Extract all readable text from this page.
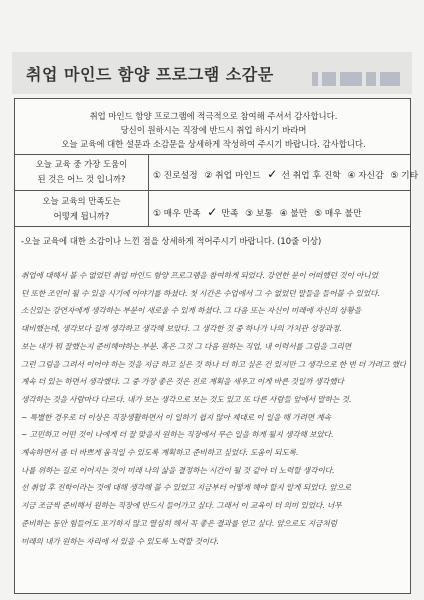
취업 마인드 함양 프로그램 소감문
취업 마인드 함양 프로그램에 적극적으로 참여해 주셔서 감사합니다.
당신이 원하시는 직장에 반드시 취업 하시기 바라며
오늘 교육에 대한 설문과 소감문을 상세하게 작성하여 주시기 바랍니다. 감사합니다.
오늘 교육 중 가장 도움이
된 것은 어느 것 입니까?	① 진로설정 ② 취업 마인드 ✓ 선 취업 후 진학 ④ 자신감 ⑤ 기타
오늘 교육의 만족도는
어떻게 됩니까?	① 매우 만족 ✓ 만족 ③ 보통 ④ 불만 ⑤ 매우 불만
-오늘 교육에 대한 소감이나 느낀 점을 상세하게 적어주시기 바랍니다. (10줄 이상)

취업에 대해서 볼 수 없었던 취업 마인드 함양 프로그램을 참여하게 되었다. 강연한 분이 어떠했던 것이 아니었

던 또한 조언이 될 수 있을 시기에 이야기를 하셨다. 첫 시간은 수업에서 그 수 없었던 말들을 들어볼 수 있었다.

소신있는 강연자에게 생각하는 부분이 새로울 수 있게 하셨다. 그 다음 또는 자신이 미래에 자신의 상황을

대비했는데, 생각보다 길게 생각하고 생각해 보았다. 그 생각한 것 중 하나가 나의 가치관 성장과정.

보는 내가 뭐 잘했는지 준비해야하는 부분. 혹은 그것 그 다음 원하는 직업, 내 이력서를 그림을 그리면

그런 그림을 그려서 이어야 하는 것을 지금 하고 싶은 것 하나 더 하고 싶은 건 있지만 그 생각으로 한 번 더 가려고 했다

계속 더 있는 하면서 생각했다. 그 중 가장 좋은 것은 진로 계획을 세우고 이게 바른 것일까 생각했다

생각하는 것을 사람마다 다르다. 내가 보는 생각으로 보는 것도 있고 또 다른 사람들 앞에서 말하는 것.

~ 특별한 경우로 더 이상은 직장생활하면서 이 일하기 쉽지 않아 제대로 이 일을 해 가려면 계속

~ 고민하고 어떤 것이 나에게 더 잘 맞을지 원하는 직장에서 무슨 일을 하게 될지 생각해 보았다.

계속하면서 좀 더 바쁘게 움직일 수 있도록 계획하고 준비하고 싶었다. 도움이 되도록.

나를 위하는 길로 이어지는 것이 미래 나의 삶을 결정하는 시간이 될 것 같아 더 노력할 생각이다.

선 취업 후 진학이라는 것에 대해 생각해 볼 수 있었고 지금부터 어떻게 해야 할지 알게 되었다. 앞으로

지금 조금씩 준비해서 원하는 직장에 반드시 들어가고 싶다. 그래서 이 교육이 더 의미 있었다. 너무

준비하는 동안 힘들어도 포기하지 않고 열심히 해서 꼭 좋은 결과를 얻고 싶다. 앞으로도 지금처럼

미래의 내가 원하는 자리에 서 있을 수 있도록 노력할 것이다.
